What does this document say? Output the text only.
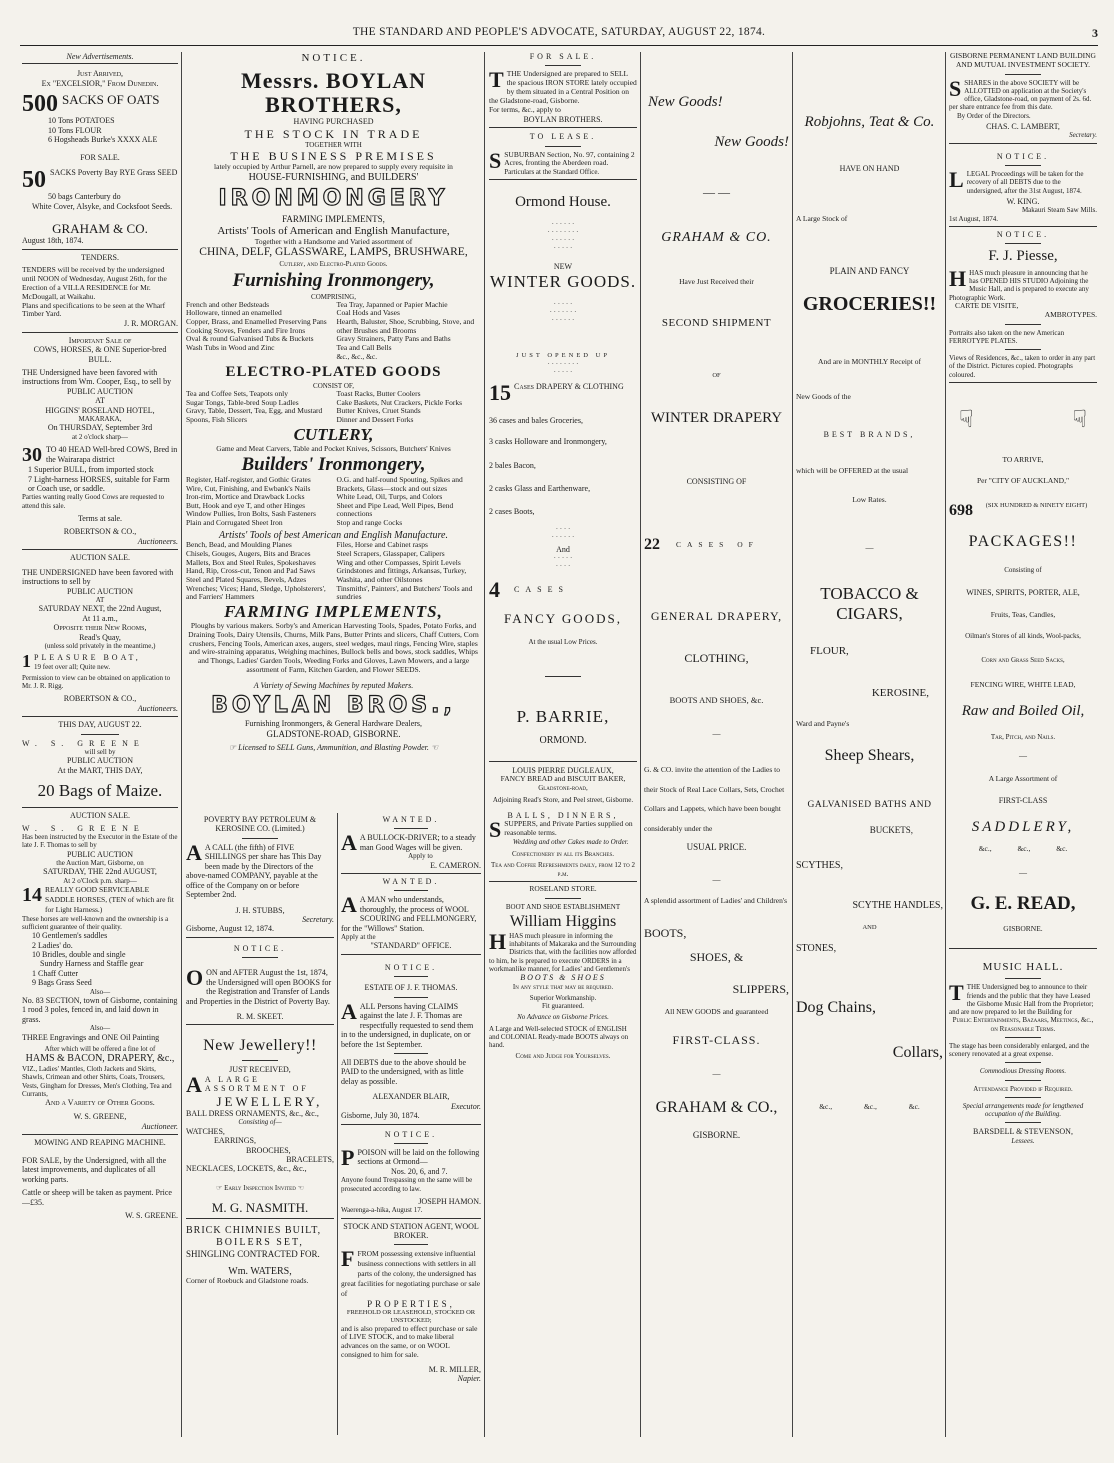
THE STANDARD AND PEOPLE'S ADVOCATE, SATURDAY, AUGUST 22, 1874.	3
New Advertisements.
Just Arrived,
Ex "EXCELSIOR," From Dunedin.
500 SACKS OF OATS
10 Tons POTATOES
10 Tons FLOUR
6 Hogsheads Burke's XXXX ALE
FOR SALE.
50 SACKS Poverty Bay RYE Grass SEED
50 bags Canterbury do
White Cover, Alsyke, and Cocksfoot Seeds.
GRAHAM & CO.
August 18th, 1874.
TENDERS.
TENDERS will be received by the undersigned until NOON of Wednesday, August 26th, for the Erection of a VILLA RESIDENCE for Mr. McDougall, at Waikahu.
Plans and specifications to be seen at the Wharf Timber Yard.
J. R. MORGAN.
Important Sale of
COWS, HORSES, & ONE Superior-bred BULL.
THE Undersigned have been favored with instructions from Wm. Cooper, Esq., to sell by
PUBLIC AUCTION
AT
HIGGINS' ROSELAND HOTEL,
MAKARAKA,
On THURSDAY, September 3rd
at 2 o'clock sharp—
30 TO 40 HEAD Well-bred COWS, Bred in the Wairarapa district
1 Superior BULL, from imported stock
7 Light-harness HORSES, suitable for Farm or Coach use, or saddle.
Parties wanting really Good Cows are requested to attend this sale.
Terms at sale.
ROBERTSON & CO.,
Auctioneers.
AUCTION SALE.
THE UNDERSIGNED have been favored with instructions to sell by
PUBLIC AUCTION
AT
SATURDAY NEXT, the 22nd August,
At 11 a.m.,
Opposite their New Rooms,
Read's Quay,
(unless sold privately in the meantime,)
1 PLEASURE BOAT,
19 feet over all; Quite new.
Permission to view can be obtained on application to Mr. J. R. Rigg.
ROBERTSON & CO.,
Auctioneers.
THIS DAY, AUGUST 22.
W. S. GREENE
will sell by
PUBLIC AUCTION
At the MART, THIS DAY,
20 Bags of Maize.
AUCTION SALE.
W. S. GREENE
Has been instructed by the Executor in the Estate of the late J. F. Thomas to sell by
PUBLIC AUCTION
the Auction Mart, Gisborne, on
SATURDAY, THE 22nd AUGUST,
At 2 o'Clock p.m. sharp—
14 REALLY GOOD SERVICEABLE SADDLE HORSES, (TEN of which are fit for Light Harness.)
These horses are well-known and the ownership is a sufficient guarantee of their quality.
10 Gentlemen's saddles
2 Ladies' do.
10 Bridles, double and single
Sundry Harness and Staffle gear
1 Chaff Cutter
9 Bags Grass Seed
Also—
No. 83 SECTION, town of Gisborne, containing 1 rood 3 poles, fenced in, and laid down in grass.
Also—
THREE Engravings and ONE Oil Painting
After which will be offered a fine lot of
HAMS & BACON, DRAPERY, &c.,
VIZ., Ladies' Mantles, Cloth Jackets and Skirts, Shawls, Crimean and other Shirts, Coats, Trousers, Vests, Gingham for Dresses, Men's Clothing, Tea and Currants,
And a Variety of Other Goods.
W. S. GREENE,
Auctioneer.
MOWING AND REAPING MACHINE.
FOR SALE, by the Undersigned, with all the latest improvements, and duplicates of all working parts.
Cattle or sheep will be taken as payment. Price—£35.
W. S. GREENE.
NOTICE.
Messrs. BOYLAN BROTHERS,
HAVING PURCHASED
THE STOCK IN TRADE
TOGETHER WITH
THE BUSINESS PREMISES
lately occupied by Arthur Parnell, are now prepared to supply every requisite in
HOUSE-FURNISHING, and BUILDERS'
IRONMONGERY
FARMING IMPLEMENTS,
Artists' Tools of American and English Manufacture,
Together with a Handsome and Varied assortment of
CHINA, DELF, GLASSWARE, LAMPS, BRUSHWARE,
Cutlery, and Electro-Plated Goods.
Furnishing Ironmongery,
COMPRISING,
French and other Bedsteads
Holloware, tinned an enamelled
Copper, Brass, and Enamelled Preserving Pans
Cooking Stoves, Fenders and Fire Irons
Oval & round Galvanised Tubs & Buckets
Wash Tubs in Wood and Zinc
Tea Tray, Japanned or Papier Machie
Coal Hods and Vases
Hearth, Baluster, Shoe, Scrubbing, Stove, and other Brushes and Brooms
Gravy Strainers, Patty Pans and Baths
Tea and Call Bells
&c., &c., &c.
ELECTRO-PLATED GOODS
CONSIST OF,
Tea and Coffee Sets, Teapots only
Sugar Tongs, Table-bred Soup Ladles
Gravy, Table, Dessert, Tea, Egg, and Mustard Spoons, Fish Slicers
Toast Racks, Butter Coolers
Cake Baskets, Nut Crackers, Pickle Forks
Butter Knives, Cruet Stands
Dinner and Dessert Forks
CUTLERY,
Game and Meat Carvers, Table and Pocket Knives, Scissors, Butchers' Knives
Builders' Ironmongery,
Register, Half-register, and Gothic Grates
Wire, Cut, Finishing, and Ewbank's Nails
Iron-rim, Mortice and Drawback Locks
Butt, Hook and eye T, and other Hinges
Window Pullies, Iron Bolts, Sash Fasteners
Plain and Corrugated Sheet Iron
O.G. and half-round Spouting, Spikes and Brackets, Glass—stock and out sizes
White Lead, Oil, Turps, and Colors
Sheet and Pipe Lead, Well Pipes, Bend connections
Stop and range Cocks
Artists' Tools of best American and English Manufacture.
Bench, Bead, and Moulding Planes
Chisels, Gouges, Augers, Bits and Braces
Mallets, Box and Steel Rules, Spokeshaves
Hand, Rip, Cross-cut, Tenon and Pad Saws
Steel and Plated Squares, Bevels, Adzes
Wrenches; Vices; Hand, Sledge, Upholsterers', and Farriers' Hammers
Files, Horse and Cabinet rasps
Steel Scrapers, Glasspaper, Calipers
Wing and other Compasses, Spirit Levels
Grindstones and fittings, Arkansas, Turkey, Washita, and other Oilstones
Tinsmiths', Painters', and Butchers' Tools and sundries
FARMING IMPLEMENTS,
Ploughs by various makers. Sorby's and American Harvesting Tools, Spades, Potato Forks, and Draining Tools, Dairy Utensils, Churns, Milk Pans, Butter Prints and slicers, Chaff Cutters, Corn crushers, Fencing Tools, American axes, augers, steel wedges, maul rings, Fencing Wire, staples and wire-straining apparatus, Weighing machines, Bullock bells and bows, stock saddles, Whips and Thongs, Ladies' Garden Tools, Weeding Forks and Gloves, Lawn Mowers, and a large assortment of Farm, Kitchen Garden, and Flower SEEDS.
A Variety of Sewing Machines by reputed Makers.
BOYLAN BROS.,
Furnishing Ironmongers, & General Hardware Dealers,
GLADSTONE-ROAD, GISBORNE.
☞ Licensed to SELL Guns, Ammunition, and Blasting Powder. ☜
POVERTY BAY PETROLEUM & KEROSINE CO. (Limited.)
A A CALL (the fifth) of FIVE SHILLINGS per share has This Day been made by the Directors of the above-named COMPANY, payable at the office of the Company on or before September 2nd.
J. H. STUBBS,
Secretary.
Gisborne, August 12, 1874.
NOTICE.
OON and AFTER August the 1st, 1874, the Undersigned will open BOOKS for the Registration and Transfer of Lands and Properties in the District of Poverty Bay.
R. M. SKEET.
New Jewellery!!
JUST RECEIVED,
A A LARGE ASSORTMENT OF
JEWELLERY,
BALL DRESS ORNAMENTS, &c., &c.,
Consisting of—
WATCHES,
EARRINGS,
BROOCHES,
BRACELETS,
NECKLACES, LOCKETS, &c., &c.,
☞ Early Inspection Invited ☜
M. G. NASMITH.
BRICK CHIMNIES BUILT,
BOILERS SET,
SHINGLING CONTRACTED FOR.
Wm. WATERS,
Corner of Roebuck and Gladstone roads.
WANTED.
A A BULLOCK-DRIVER; to a steady man Good Wages will be given.
Apply to
E. CAMERON.
WANTED.
A A MAN who understands, thoroughly, the process of WOOL SCOURING and FELLMONGERY, for the "Willows" Station.
Apply at the
"STANDARD" OFFICE.
NOTICE.
ESTATE OF J. F. THOMAS.
AALL Persons having CLAIMS against the late J. F. Thomas are respectfully requested to send them in to the undersigned, in duplicate, on or before the 1st September.
All DEBTS due to the above should be PAID to the undersigned, with as little delay as possible.
ALEXANDER BLAIR,
Executor.
Gisborne, July 30, 1874.
NOTICE.
PPOISON will be laid on the following sections at Ormond—
Nos. 20, 6, and 7.
Anyone found Trespassing on the same will be prosecuted according to law.
JOSEPH HAMON.
Waerenga-a-hika, August 17.
STOCK AND STATION AGENT, WOOL BROKER.
FFROM possessing extensive influential business connections with settlers in all parts of the colony, the undersigned has great facilities for negotiating purchase or sale of
PROPERTIES,
FREEHOLD OR LEASEHOLD, STOCKED OR UNSTOCKED;
and is also prepared to effect purchase or sale of LIVE STOCK, and to make liberal advances on the same, or on WOOL consigned to him for sale.
M. R. MILLER,
Napier.
FOR SALE.
TTHE Undersigned are prepared to SELL the spacious IRON STORE lately occupied by them situated in a Central Position on the Gladstone-road, Gisborne.
For terms, &c., apply to
BOYLAN BROTHERS.
TO LEASE.
SSUBURBAN Section, No. 97, containing 2 Acres, fronting the Aberdeen road.
Particulars at the Standard Office.
Ormond House.
· · · · · ·
· · · · · · · ·
· · · · · ·
· · · · ·
NEW
WINTER GOODS.
· · · · ·
· · · · · · ·
· · · · · ·
JUST OPENED UP
· · · · · · · ·
· · · · ·
15 Cases DRAPERY & CLOTHING
36 cases and bales Groceries,
3 casks Holloware and Ironmongery,
2 bales Bacon,
2 casks Glass and Earthenware,
2 cases Boots,
· · · ·
· · · · · ·
And
· · · · ·
· · · ·
4 CASES
FANCY GOODS,
At the usual Low Prices.
P. BARRIE,
ORMOND.
LOUIS PIERRE DUGLEAUX,
FANCY BREAD and BISCUIT BAKER,
Gladstone-road,
Adjoining Read's Store, and Peel street, Gisborne.
BALLS, DINNERS,
SSUPPERS, and Private Parties supplied on reasonable terms.
Wedding and other Cakes made to Order.
Confectionery in all its Branches.
Tea and Coffee Refreshments daily, from 12 to 2 p.m.
ROSELAND STORE.
BOOT AND SHOE ESTABLISHMENT
William Higgins
HHAS much pleasure in informing the inhabitants of Makaraka and the Surrounding Districts that, with the facilities now afforded to him, he is prepared to execute ORDERS in a workmanlike manner, for Ladies' and Gentlemen's
BOOTS & SHOES
In any style that may be required.
Superior Workmanship.
Fit guaranteed.
No Advance on Gisborne Prices.
A Large and Well-selected STOCK of ENGLISH and COLONIAL Ready-made BOOTS always on hand.
Come and Judge for Yourselves.
New Goods!
New Goods!
— —
GRAHAM & CO.
Have Just Received their
SECOND SHIPMENT
OF
WINTER DRAPERY
CONSISTING OF
22 CASES OF
GENERAL DRAPERY,
CLOTHING,
BOOTS AND SHOES, &c.
—
G. & CO. invite the attention of the Ladies to their Stock of Real Lace Collars, Sets, Crochet Collars and Lappets, which have been bought considerably under the
USUAL PRICE.
—
A splendid assortment of Ladies' and Children's
BOOTS,
SHOES, &
SLIPPERS,
All NEW GOODS and guaranteed
FIRST-CLASS.
—
GRAHAM & CO.,
GISBORNE.
Robjohns, Teat & Co.
HAVE ON HAND
A Large Stock of
PLAIN AND FANCY
GROCERIES!!
And are in MONTHLY Receipt of
New Goods of the
BEST BRANDS,
which will be OFFERED at the usual
Low Rates.
—
TOBACCO & CIGARS,
FLOUR,
KEROSINE,
Ward and Payne's
Sheep Shears,
GALVANISED BATHS AND
BUCKETS,
SCYTHES,
SCYTHE HANDLES,
AND
STONES,
Dog Chains,
Collars,
&c., &c., &c.
GISBORNE PERMANENT LAND BUILDING AND MUTUAL INVESTMENT SOCIETY.
SSHARES in the above SOCIETY will be ALLOTTED on application at the Society's office, Gladstone-road, on payment of 2s. 6d. per share entrance fee from this date.
By Order of the Directors.
CHAS. C. LAMBERT,
Secretary.
NOTICE.
LLEGAL Proceedings will be taken for the recovery of all DEBTS due to the undersigned, after the 31st August, 1874.
W. KING.
Makauri Steam Saw Mills.
1st August, 1874.
NOTICE.
F. J. Piesse,
HHAS much pleasure in announcing that he has OPENED HIS STUDIO Adjoining the Music Hall, and is prepared to execute any Photographic Work.
CARTE DE VISITE,
AMBROTYPES.
Portraits also taken on the new American FERROTYPE PLATES.
Views of Residences, &c., taken to order in any part of the District. Pictures copied. Photographs coloured.
☟	☟
TO ARRIVE,
Per "CITY OF AUCKLAND,"
698	(SIX HUNDRED & NINETY EIGHT)
PACKAGES!!
Consisting of
WINES, SPIRITS, PORTER, ALE,
Fruits, Teas, Candles,
Oilman's Stores of all kinds, Wool-packs,
Corn and Grass Seed Sacks,
FENCING WIRE, WHITE LEAD,
Raw and Boiled Oil,
Tar, Pitch, and Nails.
—
A Large Assortment of
FIRST-CLASS
SADDLERY,
&c., &c., &c.
—
G. E. READ,
GISBORNE.
MUSIC HALL.
TTHE Undersigned beg to announce to their friends and the public that they have Leased the Gisborne Music Hall from the Proprietor; and are now prepared to let the Building for
Public Entertainments, Bazaars, Meetings, &c., on Reasonable Terms.
The stage has been considerably enlarged, and the scenery renovated at a great expense.
Commodious Dressing Rooms.
Attendance Provided if Required.
Special arrangements made for lengthened occupation of the Building.
BARSDELL & STEVENSON,
Lessees.
